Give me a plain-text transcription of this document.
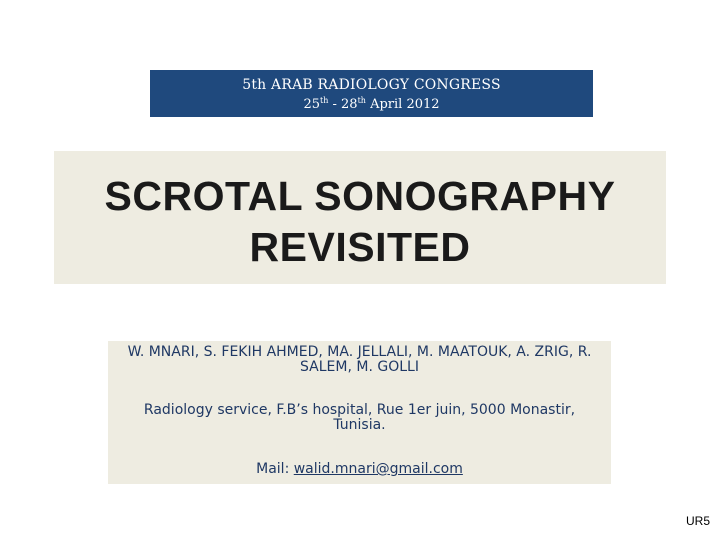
5th ARAB RADIOLOGY CONGRESS
25th - 28th April 2012
SCROTAL SONOGRAPHY
REVISITED
W. MNARI, S. FEKIH AHMED, MA. JELLALI, M. MAATOUK, A. ZRIG, R. SALEM, M. GOLLI
Radiology service, F.B’s hospital, Rue 1er juin, 5000 Monastir, Tunisia.
Mail: walid.mnari@gmail.com
UR5
